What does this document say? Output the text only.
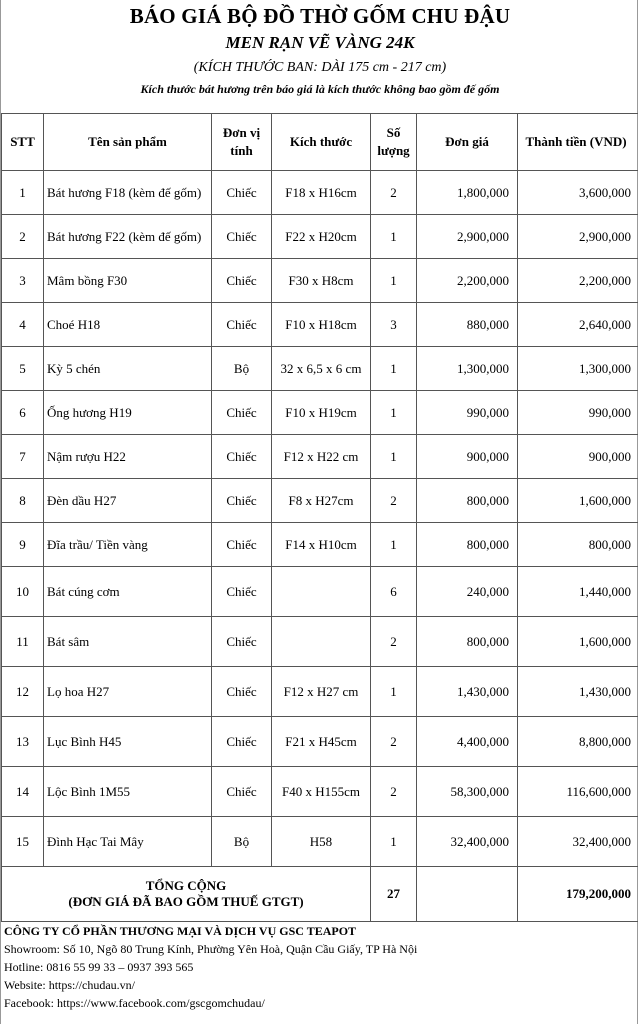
BÁO GIÁ BỘ ĐỒ THỜ GỐM CHU ĐẬU
MEN RẠN VẼ VÀNG 24K
(KÍCH THƯỚC BAN: DÀI 175 cm - 217 cm)
Kích thước bát hương trên báo giá là kích thước không bao gồm đế gốm
STT	Tên sản phẩm	Đơn vị tính	Kích thước	Số lượng	Đơn giá	Thành tiền (VND)
1	Bát hương F18 (kèm đế gốm)	Chiếc	F18 x H16cm	2	1,800,000	3,600,000
2	Bát hương F22 (kèm đế gốm)	Chiếc	F22 x H20cm	1	2,900,000	2,900,000
3	Mâm bồng F30	Chiếc	F30 x H8cm	1	2,200,000	2,200,000
4	Choé H18	Chiếc	F10 x H18cm	3	880,000	2,640,000
5	Kỳ 5 chén	Bộ	32 x 6,5 x 6 cm	1	1,300,000	1,300,000
6	Ống hương H19	Chiếc	F10 x H19cm	1	990,000	990,000
7	Nậm rượu H22	Chiếc	F12 x H22 cm	1	900,000	900,000
8	Đèn dầu H27	Chiếc	F8 x H27cm	2	800,000	1,600,000
9	Đĩa trầu/ Tiền vàng	Chiếc	F14 x H10cm	1	800,000	800,000
10	Bát cúng cơm	Chiếc		6	240,000	1,440,000
11	Bát sâm	Chiếc		2	800,000	1,600,000
12	Lọ hoa H27	Chiếc	F12 x H27 cm	1	1,430,000	1,430,000
13	Lục Bình H45	Chiếc	F21 x H45cm	2	4,400,000	8,800,000
14	Lộc Bình 1M55	Chiếc	F40 x H155cm	2	58,300,000	116,600,000
15	Đình Hạc Tai Mây	Bộ	H58	1	32,400,000	32,400,000

TỔNG CỘNG
(ĐƠN GIÁ ĐÃ BAO GỒM THUẾ GTGT)				27		179,200,000
CÔNG TY CỔ PHẦN THƯƠNG MẠI VÀ DỊCH VỤ GSC TEAPOT
Showroom: Số 10, Ngõ 80 Trung Kính, Phường Yên Hoà, Quận Cầu Giấy, TP Hà Nội
Hotline: 0816 55 99 33 – 0937 393 565
Website: https://chudau.vn/
Facebook: https://www.facebook.com/gscgomchudau/
